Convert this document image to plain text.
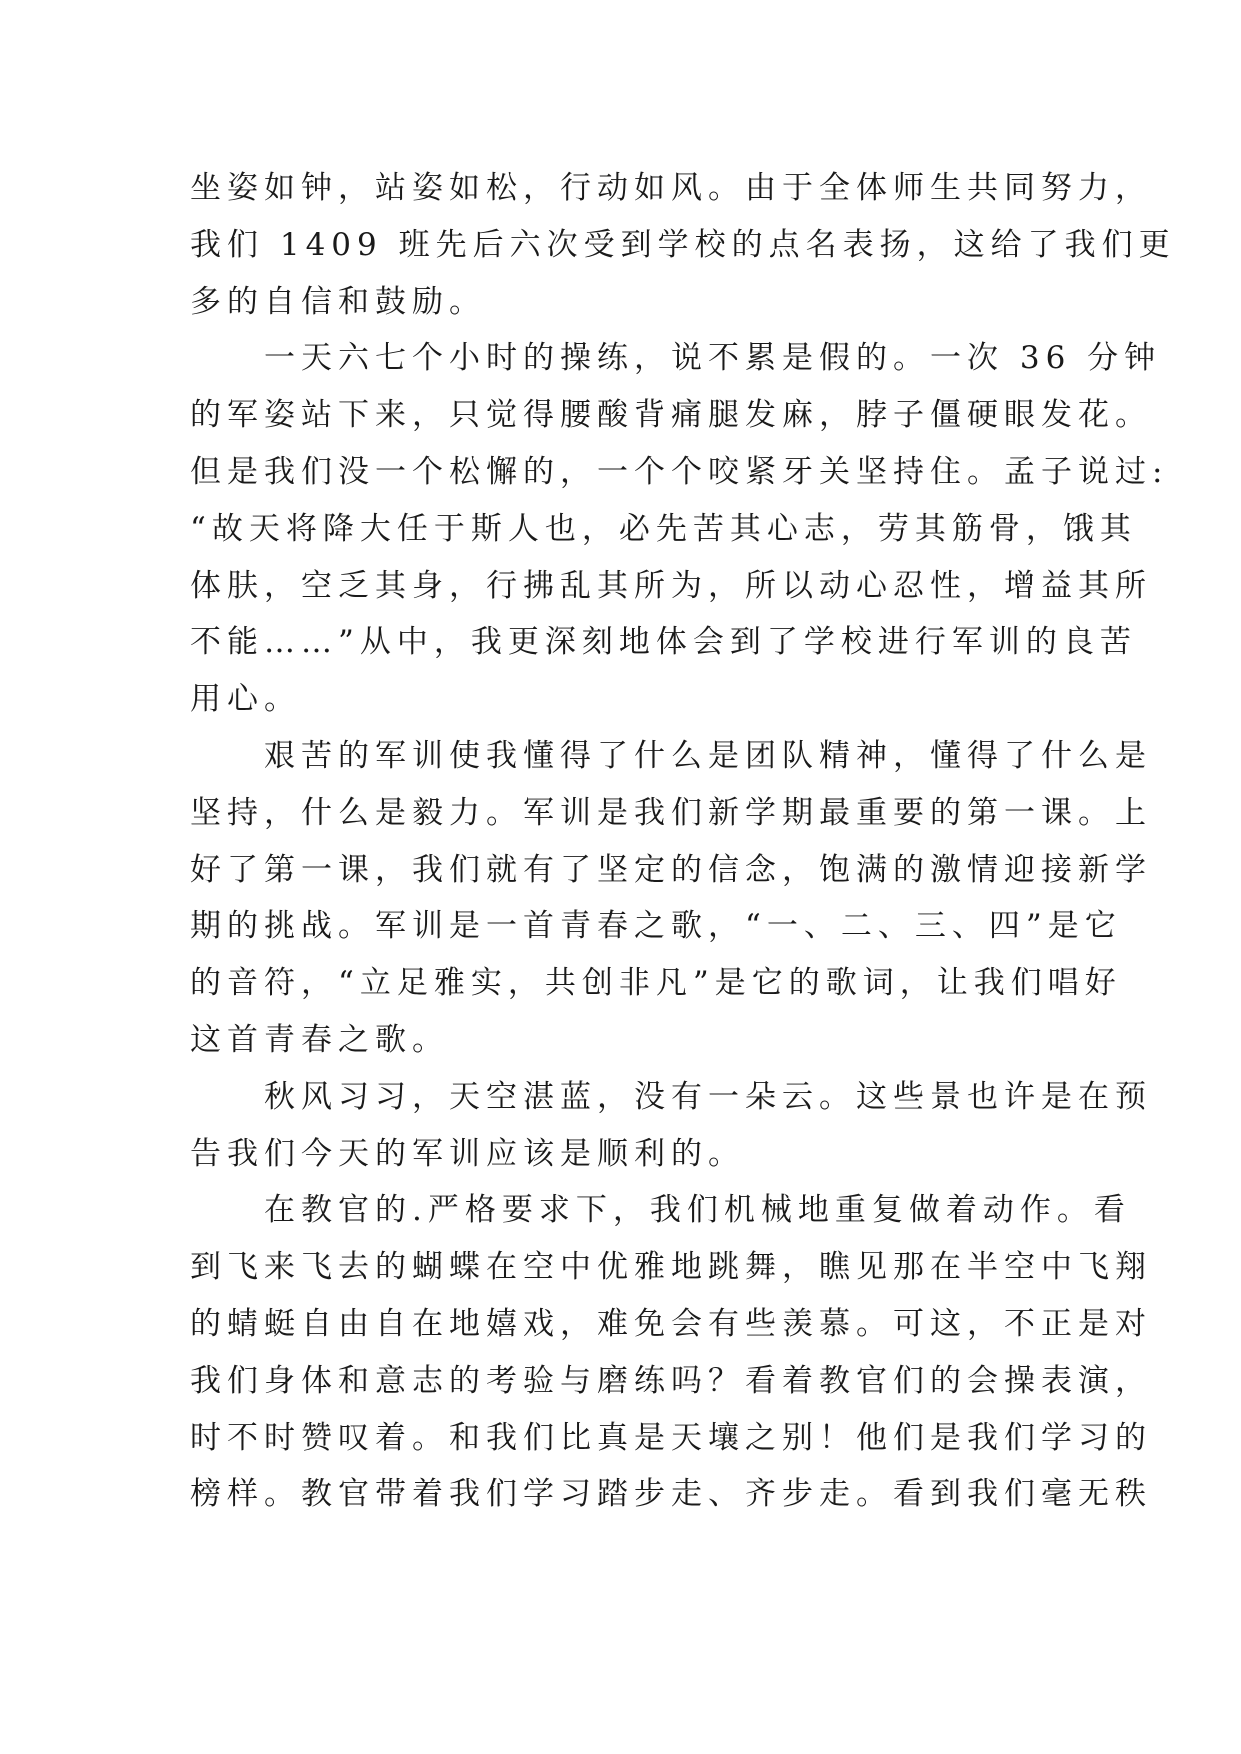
坐姿如钟，站姿如松，行动如风。由于全体师生共同努力，
我们 1409 班先后六次受到学校的点名表扬，这给了我们更
多的自信和鼓励。
　　一天六七个小时的操练，说不累是假的。一次 36 分钟
的军姿站下来，只觉得腰酸背痛腿发麻，脖子僵硬眼发花。
但是我们没一个松懈的，一个个咬紧牙关坚持住。孟子说过:
“故天将降大任于斯人也，必先苦其心志，劳其筋骨，饿其
体肤，空乏其身，行拂乱其所为，所以动心忍性，增益其所
不能……”从中，我更深刻地体会到了学校进行军训的良苦
用心。
　　艰苦的军训使我懂得了什么是团队精神，懂得了什么是
坚持，什么是毅力。军训是我们新学期最重要的第一课。上
好了第一课，我们就有了坚定的信念，饱满的激情迎接新学
期的挑战。军训是一首青春之歌，“一、二、三、四”是它
的音符，“立足雅实，共创非凡”是它的歌词，让我们唱好
这首青春之歌。
　　秋风习习，天空湛蓝，没有一朵云。这些景也许是在预
告我们今天的军训应该是顺利的。
　　在教官的.严格要求下，我们机械地重复做着动作。看
到飞来飞去的蝴蝶在空中优雅地跳舞，瞧见那在半空中飞翔
的蜻蜓自由自在地嬉戏，难免会有些羡慕。可这，不正是对
我们身体和意志的考验与磨练吗？看着教官们的会操表演，
时不时赞叹着。和我们比真是天壤之别！他们是我们学习的
榜样。教官带着我们学习踏步走、齐步走。看到我们毫无秩
